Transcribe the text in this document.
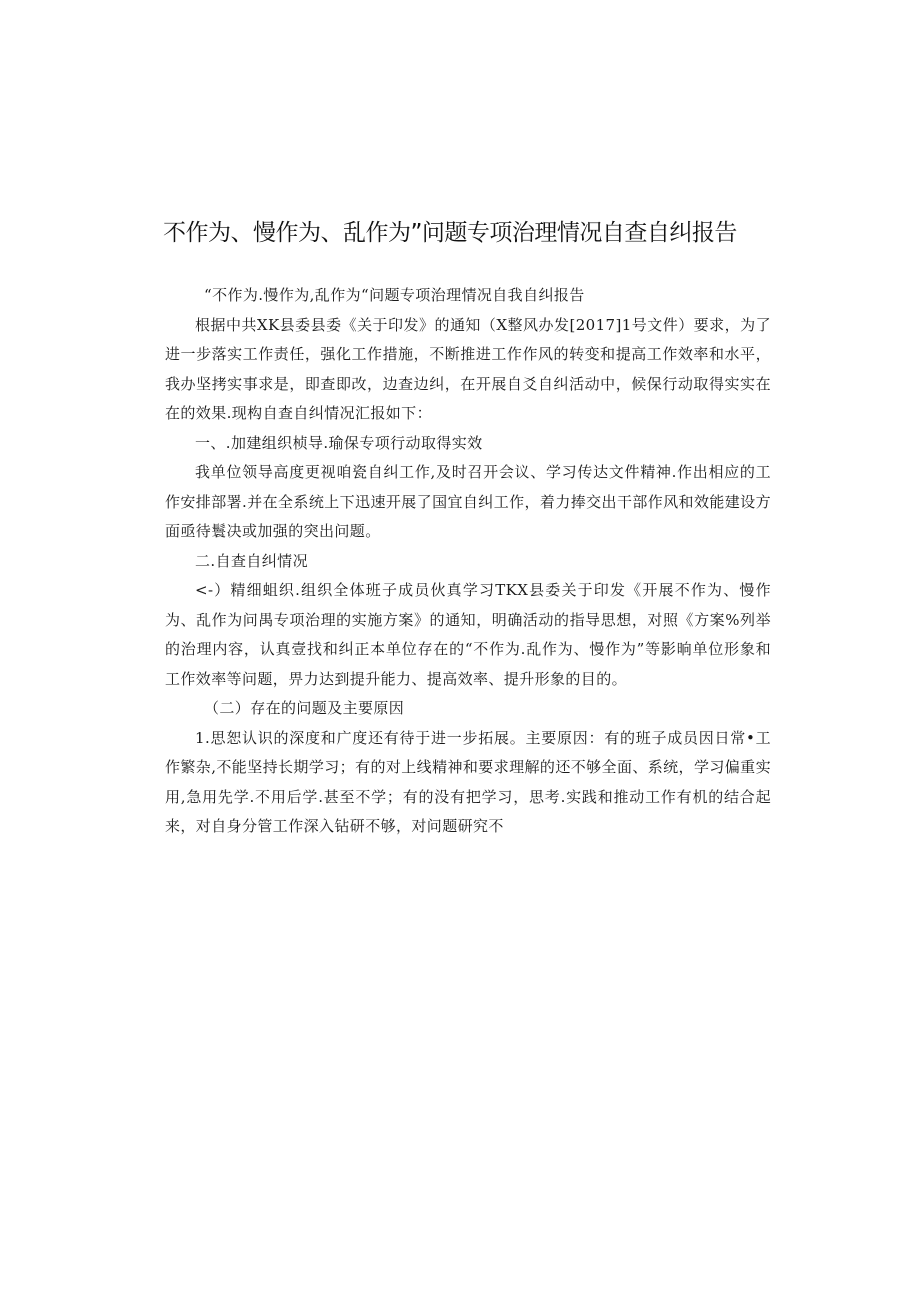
不作为、慢作为、乱作为”问题专项治理情况自查自纠报告

“不作为.慢作为,乱作为“问题专项治理情况自我自纠报告

根据中共XK县委县委《关于印发》的通知（X整风办发[2017]1号文件）要求，为了进一步落实工作责任，强化工作措施，不断推进工作作风的转变和提高工作效率和水平，我办坚拷实事求是，即查即改，边查边纠，在开展自爻自纠活动中，候保行动取得实实在在的效果.现构自查自纠情况汇报如下：

一、.加建组织桢导.瑜保专项行动取得实效

我单位领导高度更视咱瓷自纠工作,及时召开会议、学习传达文件精神.作出相应的工作安排部署.并在全系统上下迅速开展了国宜自纠工作，着力捧交出干部作风和效能建设方面亟待鬟决或加强的突出问题。

二.自查自纠情况

<-）精细蛆织.组织全体班子成员伙真学习TKX县委关于印发《开展不作为、慢作为、乱作为问禺专项治理的实施方案》的通知，明确活动的指导思想，对照《方案%列举的治理内容，认真壹找和纠正本单位存在的“不作为.乱作为、慢作为”等影晌单位形象和工作效率等问题，畀力达到提升能力、提高效率、提升形象的目的。

（二）存在的问题及主要原因

1.思恕认识的深度和广度还有待于进一步拓展。主要原因：有的班子成员因日常•工作繁杂,不能坚持长期学习；有的对上线精神和要求理解的还不够全面、系统，学习偏重实用,急用先学.不用后学.甚至不学；有的没有把学习，思考.实践和推动工作有机的结合起来，对自身分管工作深入钻研不够，对问题研究不
